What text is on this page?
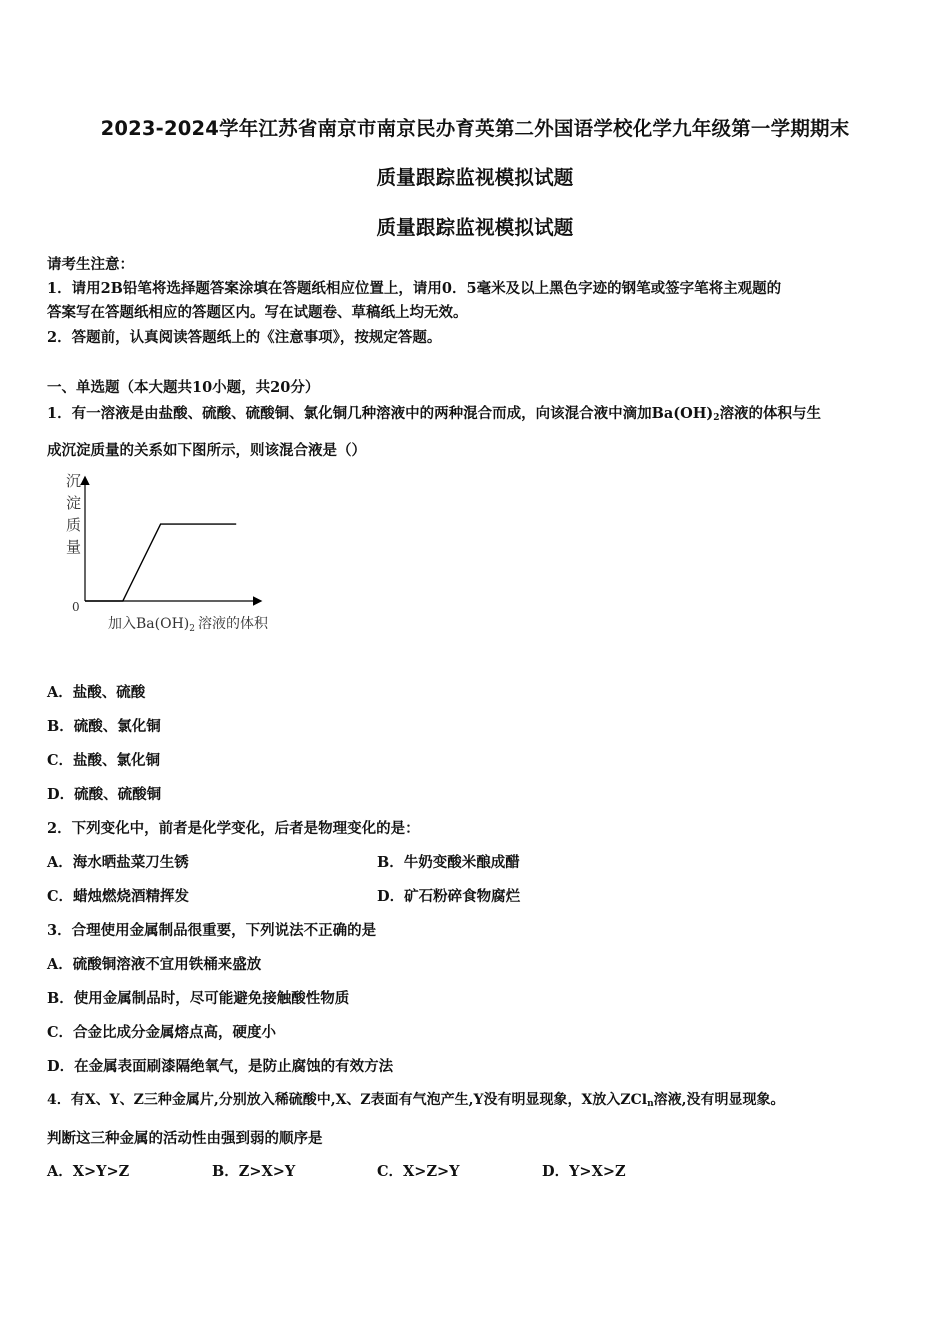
2023-2024学年江苏省南京市南京民办育英第二外国语学校化学九年级第一学期期末
质量跟踪监视模拟试题
质量跟踪监视模拟试题
请考生注意：
1．请用2B铅笔将选择题答案涂填在答题纸相应位置上，请用0．5毫米及以上黑色字迹的钢笔或签字笔将主观题的
答案写在答题纸相应的答题区内。写在试题卷、草稿纸上均无效。
2．答题前，认真阅读答题纸上的《注意事项》，按规定答题。
一、单选题（本大题共10小题，共20分）
1．有一溶液是由盐酸、硫酸、硫酸铜、氯化铜几种溶液中的两种混合而成，向该混合液中滴加$Ba(OH)_2$溶液的体积与生
成沉淀质量的关系如下图所示，则该混合液是（）
0
沉淀质量
加入$Ba(OH)_2$ 溶液的体积
A．盐酸、硫酸
B．硫酸、氯化铜
C．盐酸、氯化铜
D．硫酸、硫酸铜
2．下列变化中，前者是化学变化，后者是物理变化的是：
A．海水晒盐菜刀生锈	B．牛奶变酸米酿成醋
C．蜡烛燃烧酒精挥发	D．矿石粉碎食物腐烂
3．合理使用金属制品很重要，下列说法不正确的是
A．硫酸铜溶液不宜用铁桶来盛放
B．使用金属制品时，尽可能避免接触酸性物质
C．合金比成分金属熔点高，硬度小
D．在金属表面刷漆隔绝氧气，是防止腐蚀的有效方法
4．有X、Y、Z三种金属片,分别放入稀硫酸中,X、Z表面有气泡产生,Y没有明显现象，X放入ZCl$_n$溶液,没有明显现象。
判断这三种金属的活动性由强到弱的顺序是
A．X>Y>Z	B．Z>X>Y	C．X>Z>Y	D．Y>X>Z
